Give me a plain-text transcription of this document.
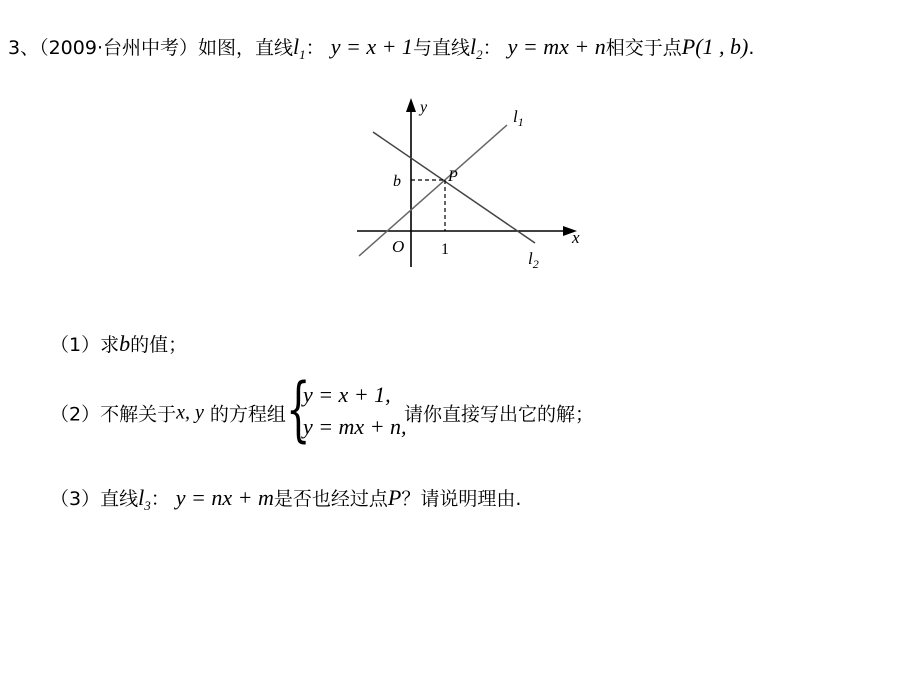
3、（2009·台州中考）如图，直线$l_1$： y = x + 1与直线$l_2$： y = mx + n相交于点P(1 , b).
y
x
O 1
b	P
$l_1$
$l_2$
（1）求b的值；
（2）不解关于x, y 的方程组 {
y = x + 1,
y = mx + n,
请你直接写出它的解；
（3）直线$l_3$： y = nx + m是否也经过点P？请说明理由.
